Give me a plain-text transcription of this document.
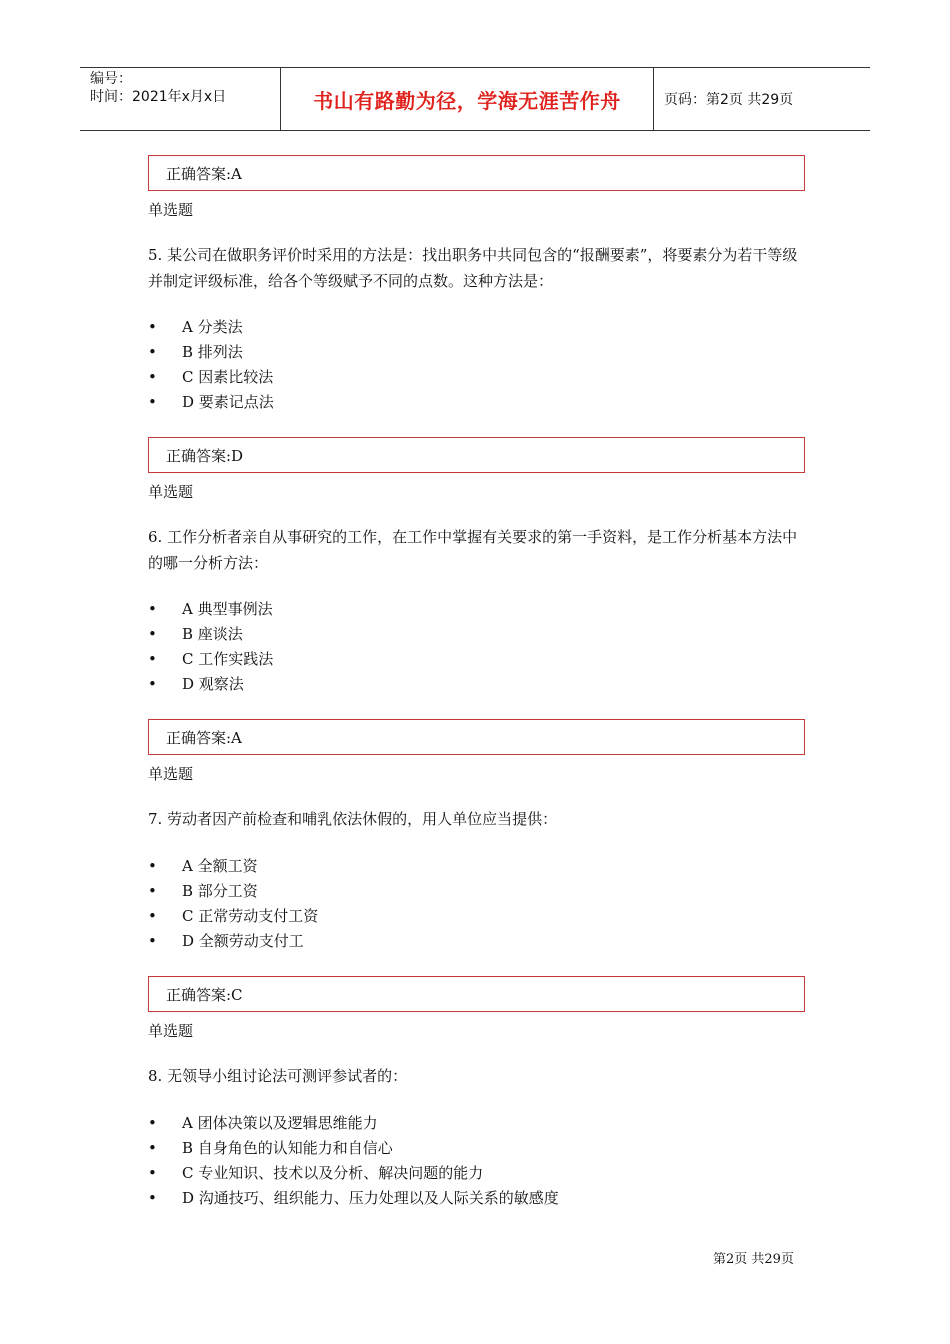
编号：
时间：2021年x月x日	书山有路勤为径，学海无涯苦作舟	页码：第2页 共29页
正确答案:A
单选题
5. 某公司在做职务评价时采用的方法是：找出职务中共同包含的“报酬要素”，将要素分为若干等级并制定评级标准，给各个等级赋予不同的点数。这种方法是：
• A 分类法
• B 排列法
• C 因素比较法
• D 要素记点法
正确答案:D
单选题
6. 工作分析者亲自从事研究的工作，在工作中掌握有关要求的第一手资料，是工作分析基本方法中的哪一分析方法：
• A 典型事例法
• B 座谈法
• C 工作实践法
• D 观察法
正确答案:A
单选题
7. 劳动者因产前检查和哺乳依法休假的，用人单位应当提供：
• A 全额工资
• B 部分工资
• C 正常劳动支付工资
• D 全额劳动支付工
正确答案:C
单选题
8. 无领导小组讨论法可测评参试者的：
• A 团体决策以及逻辑思维能力
• B 自身角色的认知能力和自信心
• C 专业知识、技术以及分析、解决问题的能力
• D 沟通技巧、组织能力、压力处理以及人际关系的敏感度
第2页 共29页
